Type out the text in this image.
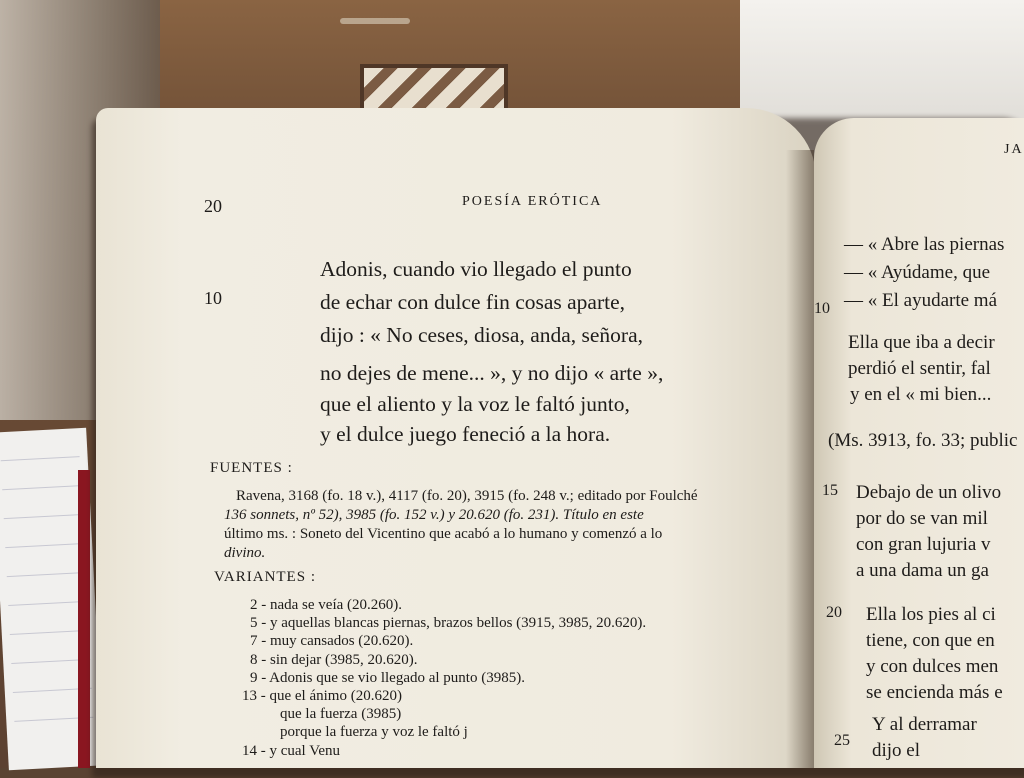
20	POESÍA ERÓTICA
10
Adonis, cuando vio llegado el punto
de echar con dulce fin cosas aparte,
dijo : « No ceses, diosa, anda, señora,
no dejes de mene... », y no dijo « arte »,
que el aliento y la voz le faltó junto,
y el dulce juego feneció a la hora.
FUENTES :
Ravena, 3168 (fo. 18 v.), 4117 (fo. 20), 3915 (fo. 248 v.; editado por Foulché
136 sonnets, nº 52), 3985 (fo. 152 v.) y 20.620 (fo. 231). Título en este
último ms. : Soneto del Vicentino que acabó a lo humano y comenzó a lo
divino.
VARIANTES :
2 - nada se veía (20.260).
5 - y aquellas blancas piernas, brazos bellos (3915, 3985, 20.620).
7 - muy cansados (20.620).
8 - sin dejar (3985, 20.620).
9 - Adonis que se vio llegado al punto (3985).
13 - que el ánimo (20.620)
que la fuerza (3985)
porque la fuerza y voz le faltó j
14 - y cual Venu
JA
10
15
20
25
— « Abre las piernas
— « Ayúdame, que
— « El ayudarte má
Ella que iba a decir
perdió el sentir, fal
y en el « mi bien...
(Ms. 3913, fo. 33; public
Debajo de un olivo
por do se van mil
con gran lujuria v
a una dama un ga
Ella los pies al ci
tiene, con que en
y con dulces men
se encienda más e
Y al derramar
dijo el
